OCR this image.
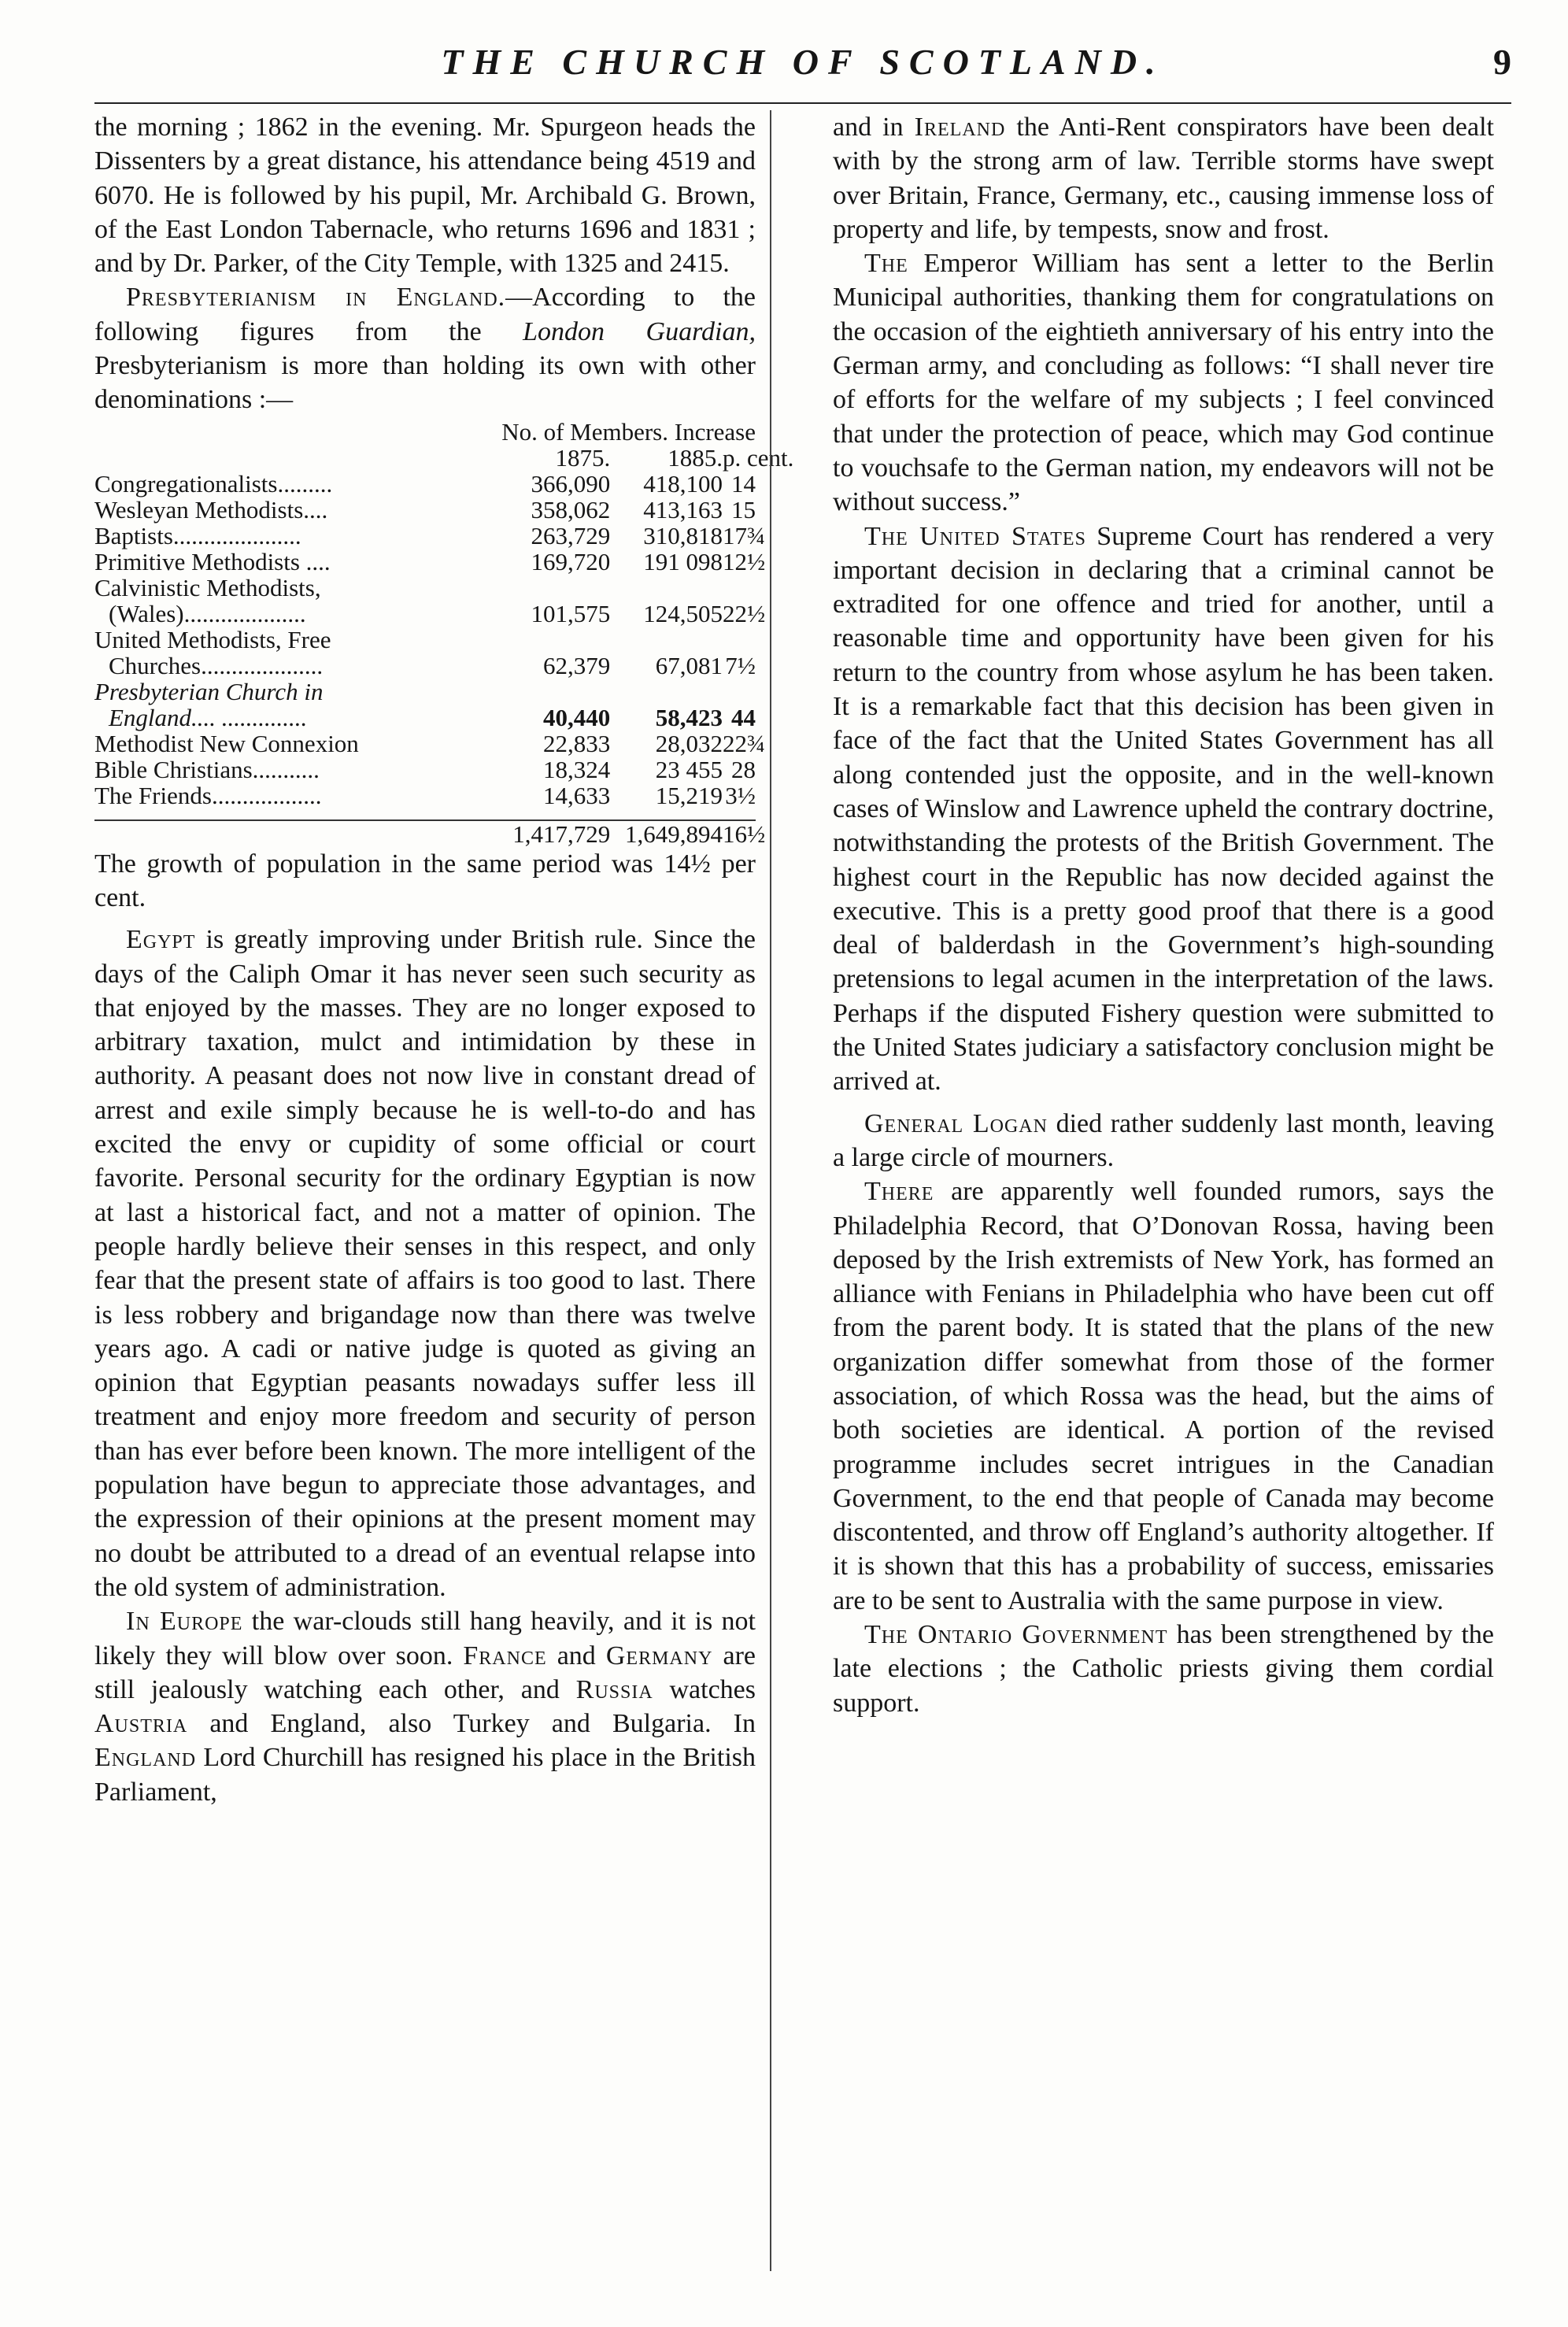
THE CHURCH OF SCOTLAND.	9

the morning ; 1862 in the evening. Mr. Spurgeon heads the Dissenters by a great distance, his attendance being 4519 and 6070. He is followed by his pupil, Mr. Archibald G. Brown, of the East London Tabernacle, who returns 1696 and 1831 ; and by Dr. Parker, of the City Temple, with 1325 and 2415.

Presbyterianism in England.—According to the following figures from the London Guardian, Presbyterianism is more than holding its own with other denominations :—

No. of Members. Increase			
	1875.	1885.	p. cent.
Congregationalists.........	366,090	418,100	14
Wesleyan Methodists....	358,062	413,163	15
Baptists.....................	263,729	310,818	17¾
Primitive Methodists ....	169,720	191 098	12½
Calvinistic Methodists,			
(Wales)....................	101,575	124,505	22½
United Methodists, Free			
Churches....................	62,379	67,081	7½
Presbyterian Church in			
England.... ..............	40,440	58,423	44
Methodist New Connexion	22,833	28,032	22¾
Bible Christians...........	18,324	23 455	28
The Friends..................	14,633	15,219	3½

	1,417,729	1,649,894	16½

The growth of population in the same period was 14½ per cent.

Egypt is greatly improving under British rule. Since the days of the Caliph Omar it has never seen such security as that enjoyed by the masses. They are no longer exposed to arbitrary taxation, mulct and intimidation by these in authority. A peasant does not now live in constant dread of arrest and exile simply because he is well-to-do and has excited the envy or cupidity of some official or court favorite. Personal security for the ordinary Egyptian is now at last a historical fact, and not a matter of opinion. The people hardly believe their senses in this respect, and only fear that the present state of affairs is too good to last. There is less robbery and brigandage now than there was twelve years ago. A cadi or native judge is quoted as giving an opinion that Egyptian peasants nowadays suffer less ill treatment and enjoy more freedom and security of person than has ever before been known. The more intelligent of the population have begun to appreciate those advantages, and the expression of their opinions at the present moment may no doubt be attributed to a dread of an eventual relapse into the old system of administration.

In Europe the war-clouds still hang heavily, and it is not likely they will blow over soon. France and Germany are still jealously watching each other, and Russia watches Austria and England, also Turkey and Bulgaria. In England Lord Churchill has resigned his place in the British Parliament,

and in Ireland the Anti-Rent conspirators have been dealt with by the strong arm of law. Terrible storms have swept over Britain, France, Germany, etc., causing immense loss of property and life, by tempests, snow and frost.

The Emperor William has sent a letter to the Berlin Municipal authorities, thanking them for congratulations on the occasion of the eightieth anniversary of his entry into the German army, and concluding as follows: “I shall never tire of efforts for the welfare of my subjects ; I feel convinced that under the protection of peace, which may God continue to vouchsafe to the German nation, my endeavors will not be without success.”

The United States Supreme Court has rendered a very important decision in declaring that a criminal cannot be extradited for one offence and tried for another, until a reasonable time and opportunity have been given for his return to the country from whose asylum he has been taken. It is a remarkable fact that this decision has been given in face of the fact that the United States Government has all along contended just the opposite, and in the well-known cases of Winslow and Lawrence upheld the contrary doctrine, notwithstanding the protests of the British Government. The highest court in the Republic has now decided against the executive. This is a pretty good proof that there is a good deal of balderdash in the Government’s high-sounding pretensions to legal acumen in the interpretation of the laws. Perhaps if the disputed Fishery question were submitted to the United States judiciary a satisfactory conclusion might be arrived at.

General Logan died rather suddenly last month, leaving a large circle of mourners.

There are apparently well founded rumors, says the Philadelphia Record, that O’Donovan Rossa, having been deposed by the Irish extremists of New York, has formed an alliance with Fenians in Philadelphia who have been cut off from the parent body. It is stated that the plans of the new organization differ somewhat from those of the former association, of which Rossa was the head, but the aims of both societies are identical. A portion of the revised programme includes secret intrigues in the Canadian Government, to the end that people of Canada may become discontented, and throw off England’s authority altogether. If it is shown that this has a probability of success, emissaries are to be sent to Australia with the same purpose in view.

The Ontario Government has been strengthened by the late elections ; the Catholic priests giving them cordial support.
